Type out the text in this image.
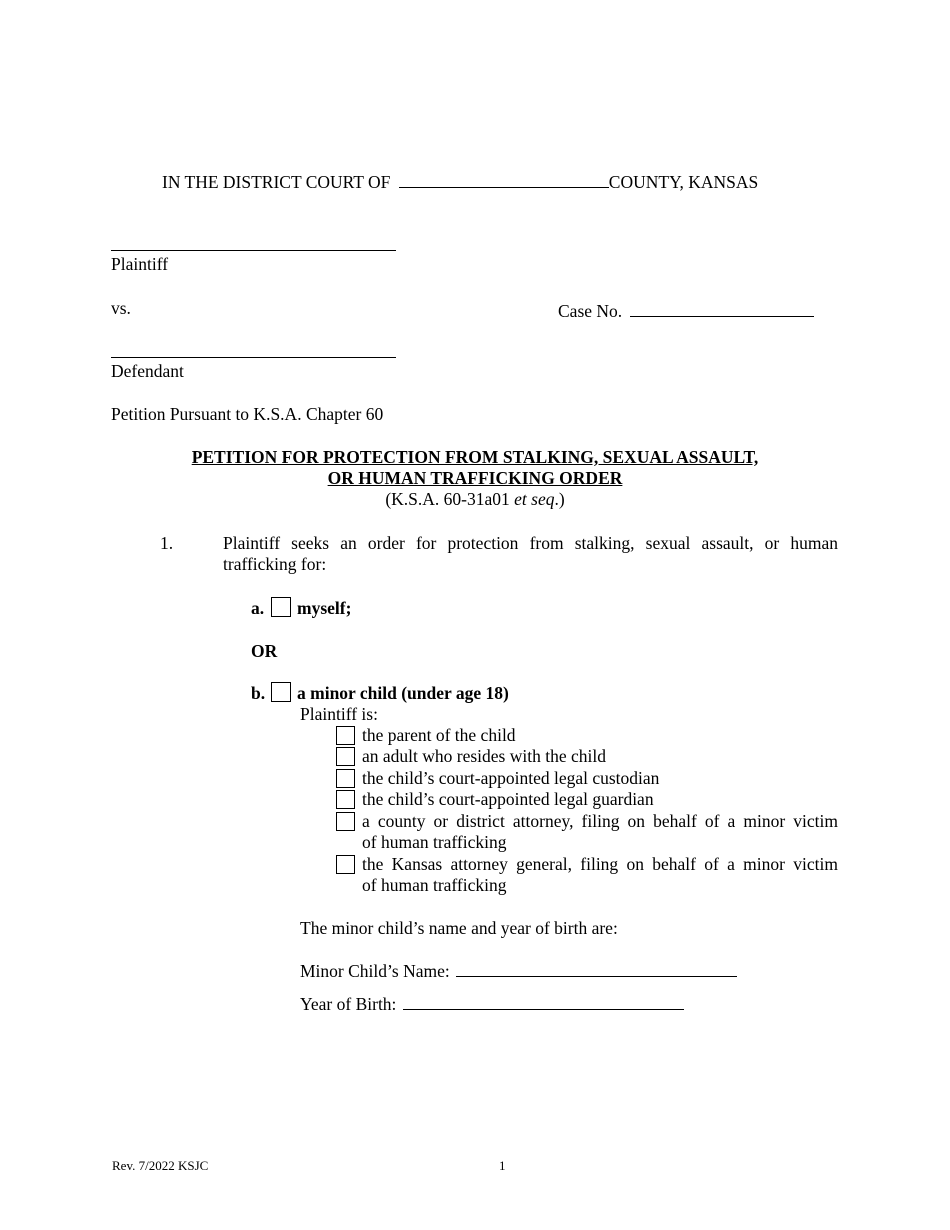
IN THE DISTRICT COURT OF	COUNTY, KANSAS
Plaintiff
vs.	Case No.
Defendant
Petition Pursuant to K.S.A. Chapter 60
PETITION FOR PROTECTION FROM STALKING, SEXUAL ASSAULT,
OR HUMAN TRAFFICKING ORDER
(K.S.A. 60-31a01 et seq.)
1.	Plaintiff seeks an order for protection from stalking, sexual assault, or human
trafficking for:
a. myself;
OR
b. a minor child (under age 18)
Plaintiff is:
the parent of the child
an adult who resides with the child
the child’s court-appointed legal custodian
the child’s court-appointed legal guardian
a county or district attorney, filing on behalf of a minor victim
of human trafficking
the Kansas attorney general, filing on behalf of a minor victim
of human trafficking
The minor child’s name and year of birth are:
Minor Child’s Name:
Year of Birth:
Rev. 7/2022 KSJC	1
